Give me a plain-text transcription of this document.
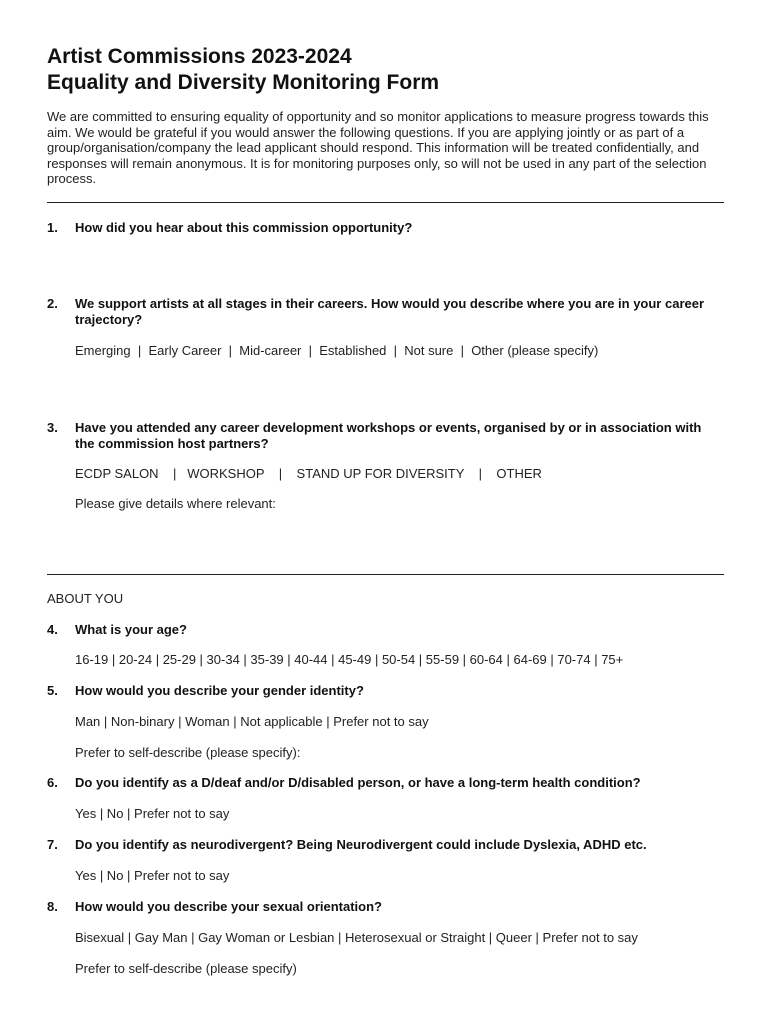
Artist Commissions 2023-2024
Equality and Diversity Monitoring Form

We are committed to ensuring equality of opportunity and so monitor applications to measure progress towards this aim. We would be grateful if you would answer the following questions. If you are applying jointly or as part of a group/organisation/company the lead applicant should respond. This information will be treated confidentially, and responses will remain anonymous. It is for monitoring purposes only, so will not be used in any part of the selection process.

1. How did you hear about this commission opportunity?
2. We support artists at all stages in their careers. How would you describe where you are in your career trajectory?
Emerging  |  Early Career  |  Mid-career  |  Established  |  Not sure  |  Other (please specify)
3. Have you attended any career development workshops or events, organised by or in association with the commission host partners?
ECDP SALON    |   WORKSHOP    |    STAND UP FOR DIVERSITY    |    OTHER
Please give details where relevant:
ABOUT YOU
4. What is your age?
16-19 | 20-24 | 25-29 | 30-34 | 35-39 | 40-44 | 45-49 | 50-54 | 55-59 | 60-64 | 64-69 | 70-74 | 75+
5. How would you describe your gender identity?
Man | Non-binary | Woman | Not applicable | Prefer not to say
Prefer to self-describe (please specify):
6. Do you identify as a D/deaf and/or D/disabled person, or have a long-term health condition?
Yes | No | Prefer not to say
7. Do you identify as neurodivergent? Being Neurodivergent could include Dyslexia, ADHD etc.
Yes | No | Prefer not to say
8. How would you describe your sexual orientation?
Bisexual | Gay Man | Gay Woman or Lesbian | Heterosexual or Straight | Queer | Prefer not to say
Prefer to self-describe (please specify)
